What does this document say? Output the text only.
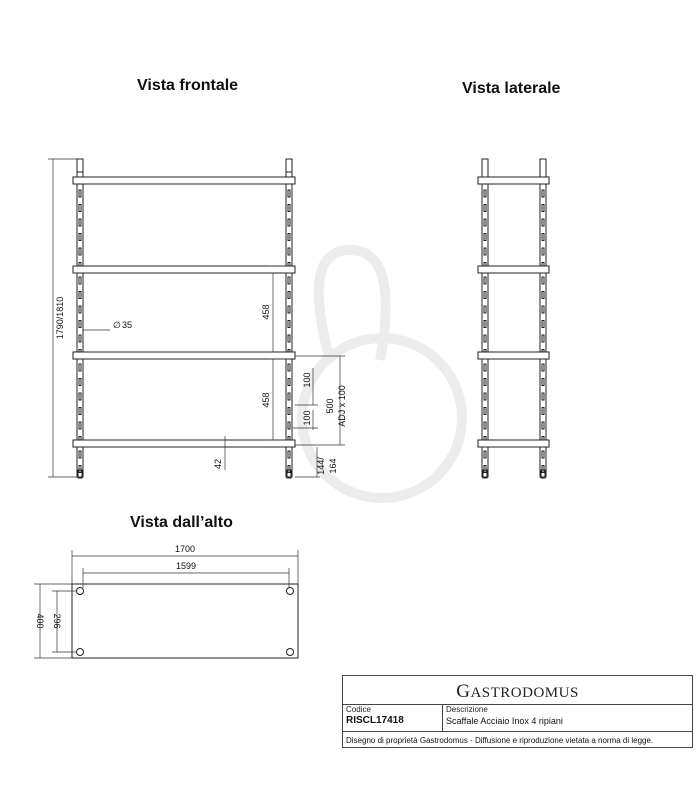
Vista frontale	Vista laterale
Vista dall’alto
1790/1810	∅ 35
458
458
100
100
500 ADJ x 100
42	144/ 164
1700
1599
400 296
GASTRODOMUS
Codice
RISCL17418
Descrizione
Scaffale Acciaio Inox 4 ripiani
Disegno di proprietà Gastrodomus - Diffusione e riproduzione vietata a norma di legge.
